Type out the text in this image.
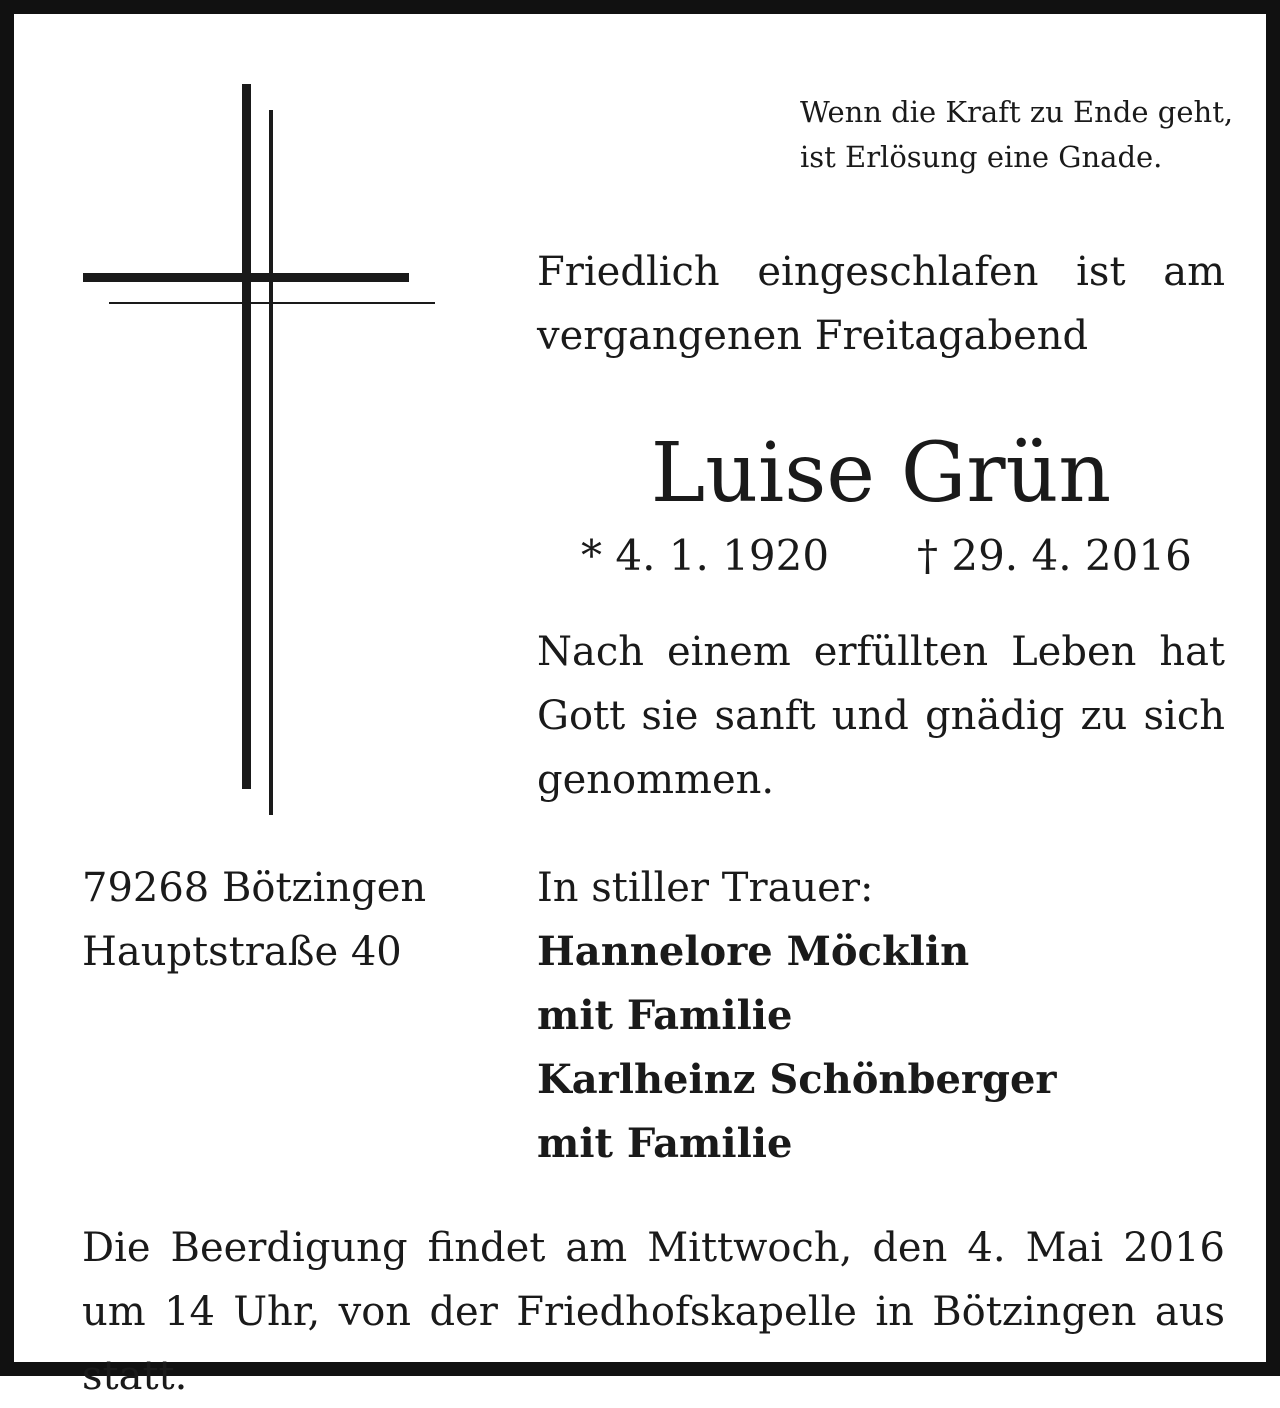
Wenn die Kraft zu Ende geht,
ist Erlösung eine Gnade.
Friedlich eingeschlafen ist am vergangenen Freitagabend
Luise Grün
* 4. 1. 1920 † 29. 4. 2016
Nach einem erfüllten Leben hat Gott sie sanft und gnädig zu sich genommen.
79268 Bötzingen
Hauptstraße 40
In stiller Trauer:
Hannelore Möcklin
mit Familie
Karlheinz Schönberger
mit Familie
Die Beerdigung findet am Mittwoch, den 4. Mai 2016 um 14 Uhr, von der Friedhofskapelle in Bötzingen aus statt.
